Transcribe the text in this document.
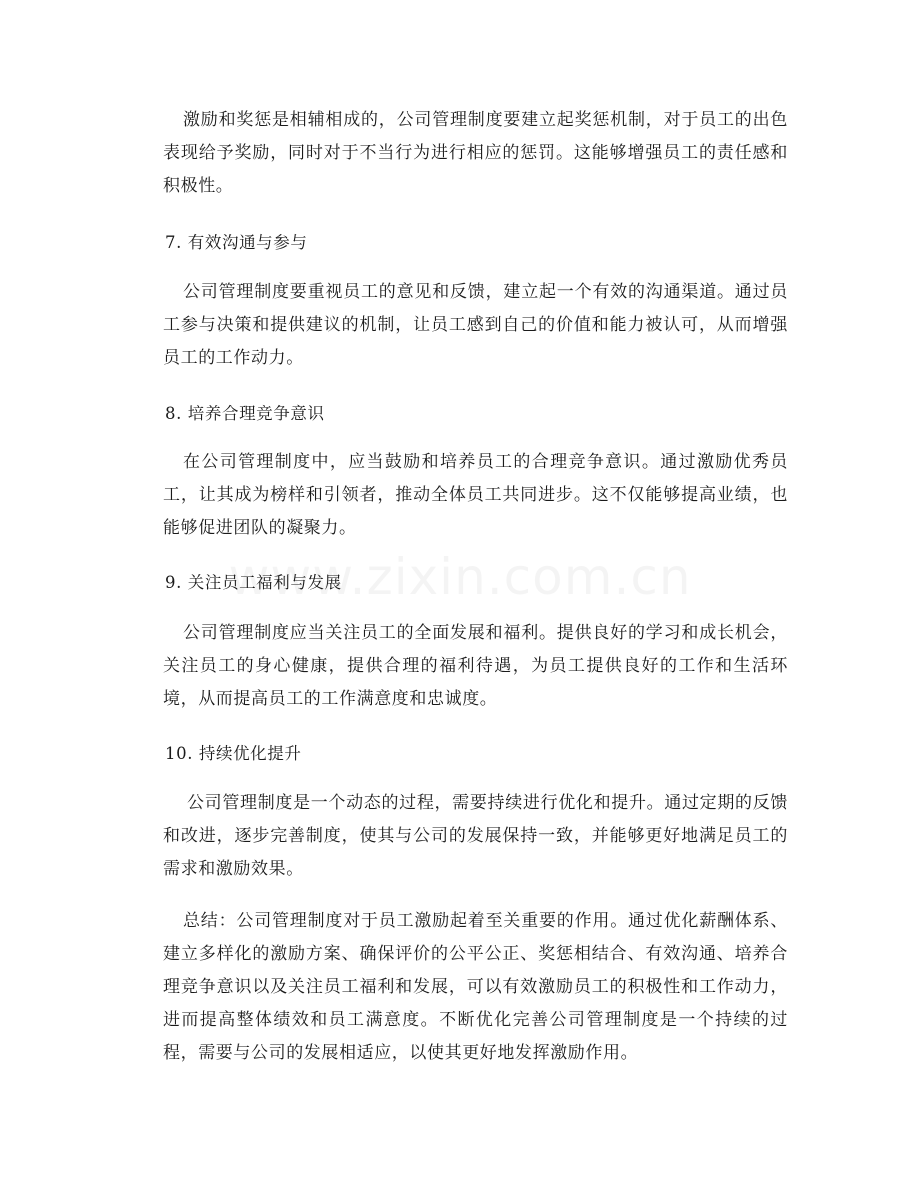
激励和奖惩是相辅相成的，公司管理制度要建立起奖惩机制，对于员工的出色表现给予奖励，同时对于不当行为进行相应的惩罚。这能够增强员工的责任感和积极性。

7. 有效沟通与参与

公司管理制度要重视员工的意见和反馈，建立起一个有效的沟通渠道。通过员工参与决策和提供建议的机制，让员工感到自己的价值和能力被认可，从而增强员工的工作动力。

8. 培养合理竞争意识

在公司管理制度中，应当鼓励和培养员工的合理竞争意识。通过激励优秀员工，让其成为榜样和引领者，推动全体员工共同进步。这不仅能够提高业绩，也能够促进团队的凝聚力。

9. 关注员工福利与发展

公司管理制度应当关注员工的全面发展和福利。提供良好的学习和成长机会，关注员工的身心健康，提供合理的福利待遇，为员工提供良好的工作和生活环境，从而提高员工的工作满意度和忠诚度。

10. 持续优化提升

公司管理制度是一个动态的过程，需要持续进行优化和提升。通过定期的反馈和改进，逐步完善制度，使其与公司的发展保持一致，并能够更好地满足员工的需求和激励效果。

总结：公司管理制度对于员工激励起着至关重要的作用。通过优化薪酬体系、建立多样化的激励方案、确保评价的公平公正、奖惩相结合、有效沟通、培养合理竞争意识以及关注员工福利和发展，可以有效激励员工的积极性和工作动力，进而提高整体绩效和员工满意度。不断优化完善公司管理制度是一个持续的过程，需要与公司的发展相适应，以使其更好地发挥激励作用。
